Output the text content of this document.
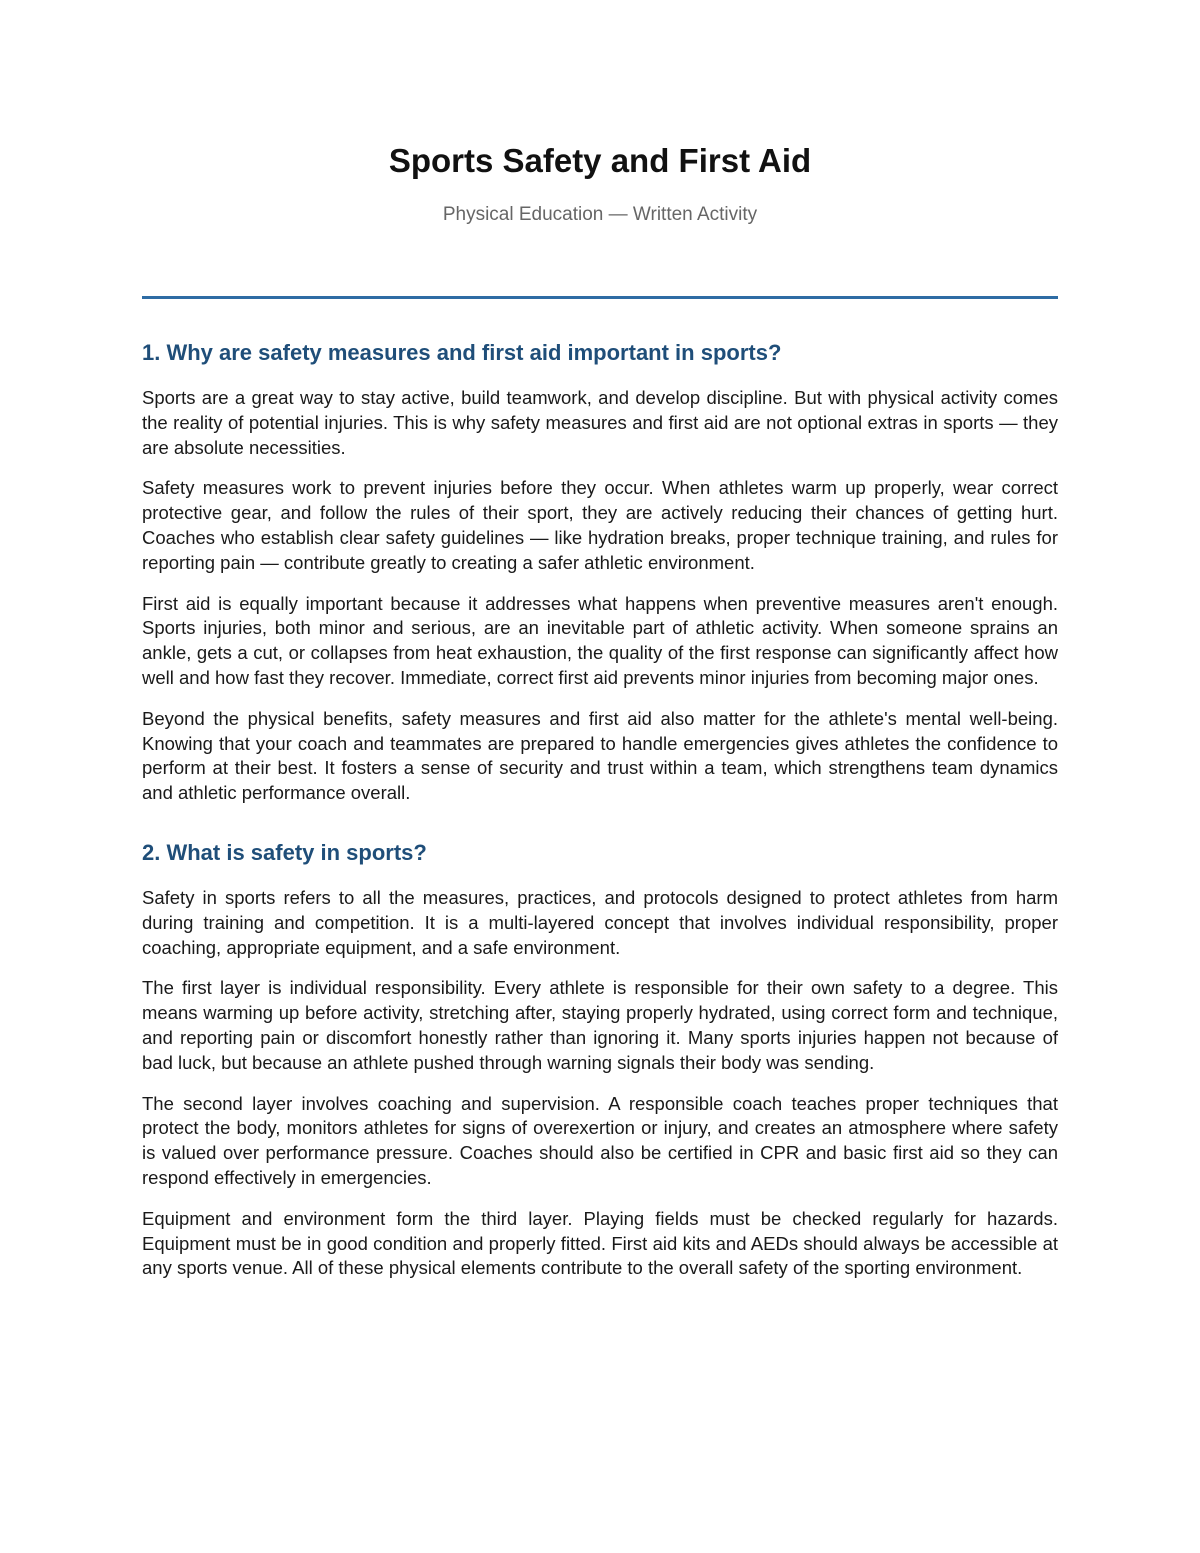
Sports Safety and First Aid

Physical Education — Written Activity

1. Why are safety measures and first aid important in sports?

Sports are a great way to stay active, build teamwork, and develop discipline. But with physical activity comes the reality of potential injuries. This is why safety measures and first aid are not optional extras in sports — they are absolute necessities.

Safety measures work to prevent injuries before they occur. When athletes warm up properly, wear correct protective gear, and follow the rules of their sport, they are actively reducing their chances of getting hurt. Coaches who establish clear safety guidelines — like hydration breaks, proper technique training, and rules for reporting pain — contribute greatly to creating a safer athletic environment.

First aid is equally important because it addresses what happens when preventive measures aren't enough. Sports injuries, both minor and serious, are an inevitable part of athletic activity. When someone sprains an ankle, gets a cut, or collapses from heat exhaustion, the quality of the first response can significantly affect how well and how fast they recover. Immediate, correct first aid prevents minor injuries from becoming major ones.

Beyond the physical benefits, safety measures and first aid also matter for the athlete's mental well-being. Knowing that your coach and teammates are prepared to handle emergencies gives athletes the confidence to perform at their best. It fosters a sense of security and trust within a team, which strengthens team dynamics and athletic performance overall.

2. What is safety in sports?

Safety in sports refers to all the measures, practices, and protocols designed to protect athletes from harm during training and competition. It is a multi-layered concept that involves individual responsibility, proper coaching, appropriate equipment, and a safe environment.

The first layer is individual responsibility. Every athlete is responsible for their own safety to a degree. This means warming up before activity, stretching after, staying properly hydrated, using correct form and technique, and reporting pain or discomfort honestly rather than ignoring it. Many sports injuries happen not because of bad luck, but because an athlete pushed through warning signals their body was sending.

The second layer involves coaching and supervision. A responsible coach teaches proper techniques that protect the body, monitors athletes for signs of overexertion or injury, and creates an atmosphere where safety is valued over performance pressure. Coaches should also be certified in CPR and basic first aid so they can respond effectively in emergencies.

Equipment and environment form the third layer. Playing fields must be checked regularly for hazards. Equipment must be in good condition and properly fitted. First aid kits and AEDs should always be accessible at any sports venue. All of these physical elements contribute to the overall safety of the sporting environment.
